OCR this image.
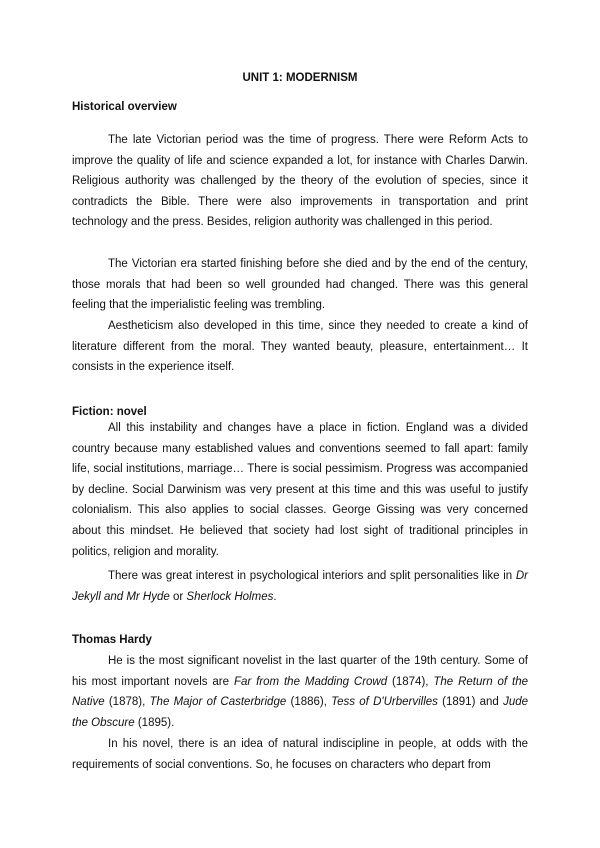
UNIT 1: MODERNISM
Historical overview

The late Victorian period was the time of progress. There were Reform Acts to improve the quality of life and science expanded a lot, for instance with Charles Darwin. Religious authority was challenged by the theory of the evolution of species, since it contradicts the Bible. There were also improvements in transportation and print technology and the press. Besides, religion authority was challenged in this period.

The Victorian era started finishing before she died and by the end of the century, those morals that had been so well grounded had changed. There was this general feeling that the imperialistic feeling was trembling.

Aestheticism also developed in this time, since they needed to create a kind of literature different from the moral. They wanted beauty, pleasure, entertainment… It consists in the experience itself.

Fiction: novel

All this instability and changes have a place in fiction. England was a divided country because many established values and conventions seemed to fall apart: family life, social institutions, marriage… There is social pessimism. Progress was accompanied by decline. Social Darwinism was very present at this time and this was useful to justify colonialism. This also applies to social classes. George Gissing was very concerned about this mindset. He believed that society had lost sight of traditional principles in politics, religion and morality.

There was great interest in psychological interiors and split personalities like in Dr Jekyll and Mr Hyde or Sherlock Holmes.

Thomas Hardy

He is the most significant novelist in the last quarter of the 19th century. Some of his most important novels are Far from the Madding Crowd (1874), The Return of the Native (1878), The Major of Casterbridge (1886), Tess of D'Urbervilles (1891) and Jude the Obscure (1895).

In his novel, there is an idea of natural indiscipline in people, at odds with the requirements of social conventions. So, he focuses on characters who depart from
